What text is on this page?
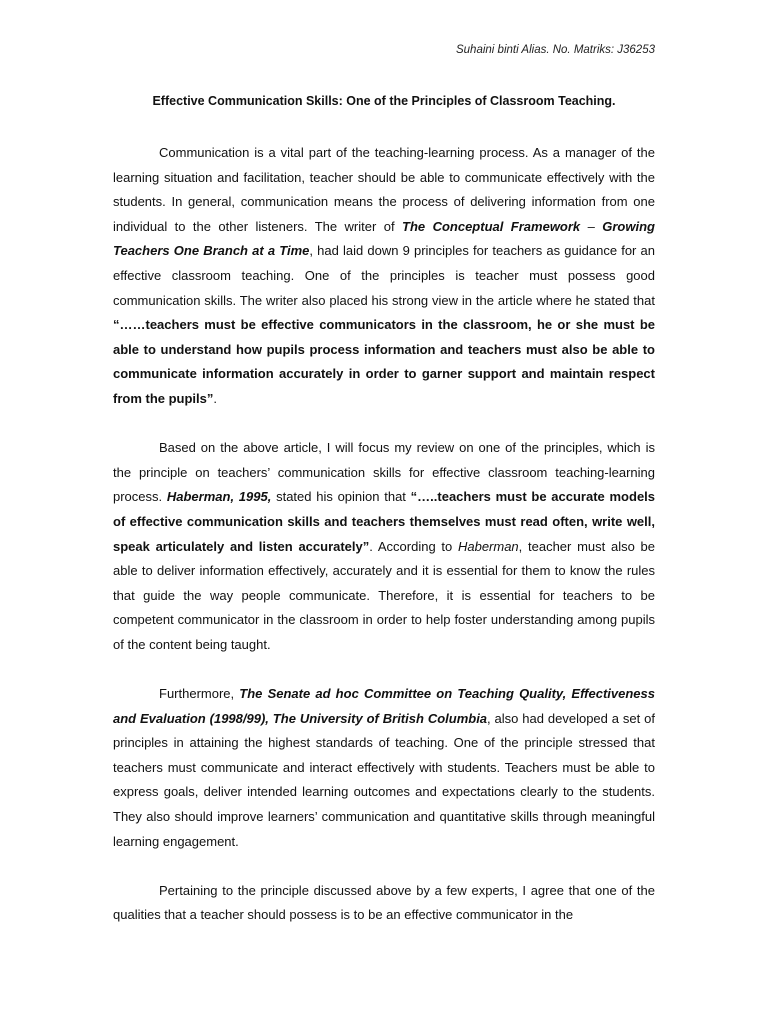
Suhaini binti Alias. No. Matriks: J36253
Effective Communication Skills: One of the Principles of Classroom Teaching.

Communication is a vital part of the teaching-learning process. As a manager of the learning situation and facilitation, teacher should be able to communicate effectively with the students. In general, communication means the process of delivering information from one individual to the other listeners. The writer of The Conceptual Framework – Growing Teachers One Branch at a Time, had laid down 9 principles for teachers as guidance for an effective classroom teaching. One of the principles is teacher must possess good communication skills. The writer also placed his strong view in the article where he stated that “……teachers must be effective communicators in the classroom, he or she must be able to understand how pupils process information and teachers must also be able to communicate information accurately in order to garner support and maintain respect from the pupils”.

Based on the above article, I will focus my review on one of the principles, which is the principle on teachers’ communication skills for effective classroom teaching-learning process. Haberman, 1995, stated his opinion that “…..teachers must be accurate models of effective communication skills and teachers themselves must read often, write well, speak articulately and listen accurately”. According to Haberman, teacher must also be able to deliver information effectively, accurately and it is essential for them to know the rules that guide the way people communicate. Therefore, it is essential for teachers to be competent communicator in the classroom in order to help foster understanding among pupils of the content being taught.

Furthermore, The Senate ad hoc Committee on Teaching Quality, Effectiveness and Evaluation (1998/99), The University of British Columbia, also had developed a set of principles in attaining the highest standards of teaching. One of the principle stressed that teachers must communicate and interact effectively with students. Teachers must be able to express goals, deliver intended learning outcomes and expectations clearly to the students. They also should improve learners’ communication and quantitative skills through meaningful learning engagement.

Pertaining to the principle discussed above by a few experts, I agree that one of the qualities that a teacher should possess is to be an effective communicator in the
